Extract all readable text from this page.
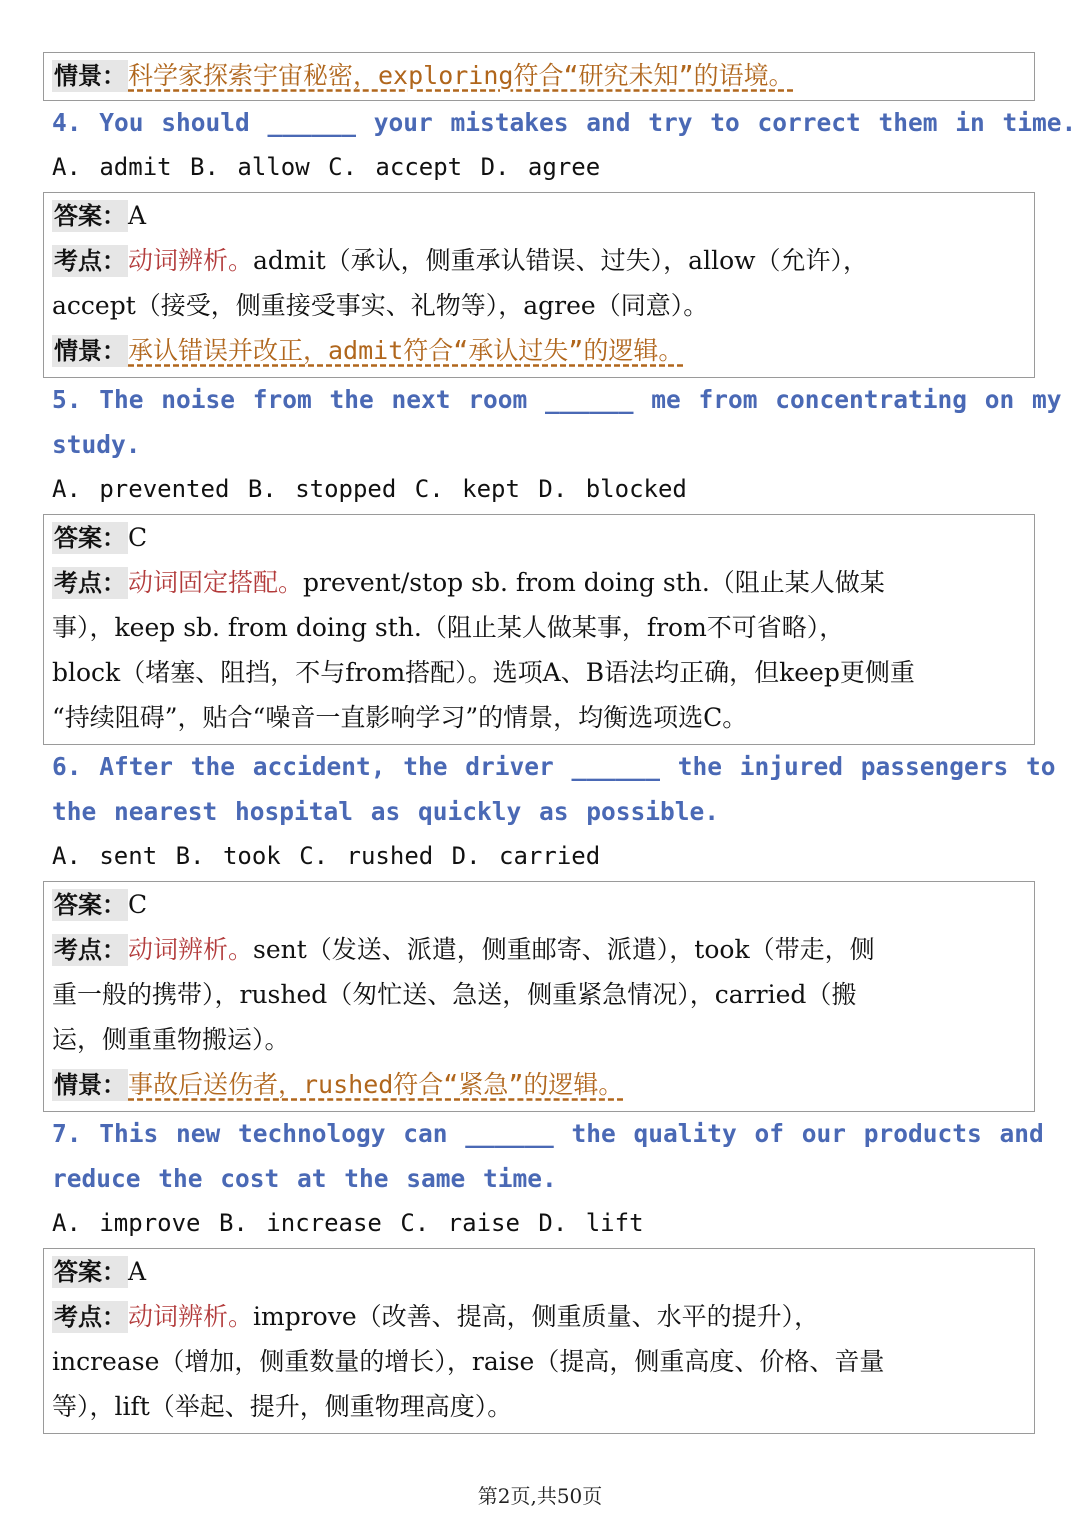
情景：科学家探索宇宙秘密，exploring符合“研究未知”的语境。
4. You should ______ your mistakes and try to correct them in time.
A. admit B. allow C. accept D. agree
答案：A
考点：动词辨析。admit（承认，侧重承认错误、过失），allow（允许），
accept（接受，侧重接受事实、礼物等），agree（同意）。
情景：承认错误并改正，admit符合“承认过失”的逻辑。
5. The noise from the next room ______ me from concentrating on my
study.
A. prevented B. stopped C. kept D. blocked
答案：C
考点：动词固定搭配。prevent/stop sb. from doing sth.（阻止某人做某
事），keep sb. from doing sth.（阻止某人做某事，from不可省略），
block（堵塞、阻挡，不与from搭配）。选项A、B语法均正确，但keep更侧重
“持续阻碍”，贴合“噪音一直影响学习”的情景，均衡选项选C。
6. After the accident, the driver ______ the injured passengers to
the nearest hospital as quickly as possible.
A. sent B. took C. rushed D. carried
答案：C
考点：动词辨析。sent（发送、派遣，侧重邮寄、派遣），took（带走，侧
重一般的携带），rushed（匆忙送、急送，侧重紧急情况），carried（搬
运，侧重重物搬运）。
情景：事故后送伤者，rushed符合“紧急”的逻辑。
7. This new technology can ______ the quality of our products and
reduce the cost at the same time.
A. improve B. increase C. raise D. lift
答案：A
考点：动词辨析。improve（改善、提高，侧重质量、水平的提升），
increase（增加，侧重数量的增长），raise（提高，侧重高度、价格、音量
等），lift（举起、提升，侧重物理高度）。
第2页,共50页
